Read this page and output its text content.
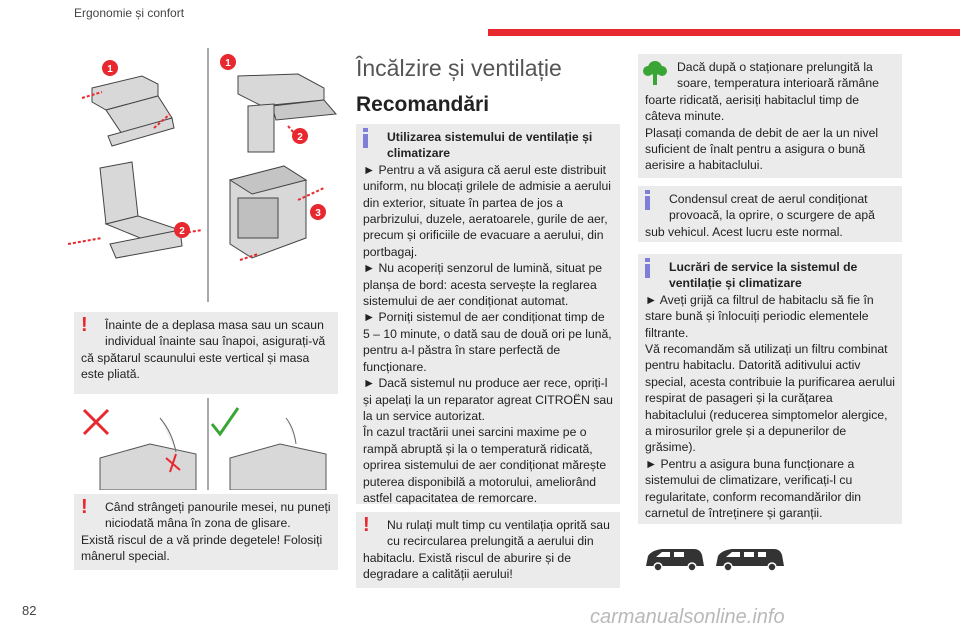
Ergonomie și confort
1
1
2
2
3
!	Înainte de a deplasa masa sau un scaun individual înainte sau înapoi, asigurați-vă
că spătarul scaunului este vertical și masa este pliată.
!	Când strângeți panourile mesei, nu puneți niciodată mâna în zona de glisare.
Există riscul de a vă prinde degetele! Folosiți mânerul special.
Încălzire și ventilație
Recomandări
Utilizarea sistemului de ventilație și climatizare

► Pentru a vă asigura că aerul este distribuit uniform, nu blocați grilele de admisie a aerului din exterior, situate în partea de jos a parbrizului, duzele, aeratoarele, gurile de aer, precum și orificiile de evacuare a aerului, din portbagaj.

► Nu acoperiți senzorul de lumină, situat pe planșa de bord: acesta servește la reglarea sistemului de aer condiționat automat.

► Porniți sistemul de aer condiționat timp de 5 – 10 minute, o dată sau de două ori pe lună, pentru a-l păstra în stare perfectă de funcționare.

► Dacă sistemul nu produce aer rece, opriți-l și apelați la un reparator agreat CITROËN sau la un service autorizat.

În cazul tractării unei sarcini maxime pe o rampă abruptă și la o temperatură ridicată, oprirea sistemului de aer condiționat mărește puterea disponibilă a motorului, ameliorând astfel capacitatea de remorcare.

!	Nu rulați mult timp cu ventilația oprită sau cu recircularea prelungită a aerului din
habitaclu. Există riscul de aburire și de degradare a calității aerului!
Dacă după o staționare prelungită la soare, temperatura interioară rămâne
foarte ridicată, aerisiți habitaclul timp de câteva minute.
Plasați comanda de debit de aer la un nivel suficient de înalt pentru a asigura o bună aerisire a habitaclului.
Condensul creat de aerul condiționat provoacă, la oprire, o scurgere de apă
sub vehicul. Acest lucru este normal.
Lucrări de service la sistemul de ventilație și climatizare

► Aveți grijă ca filtrul de habitaclu să fie în stare bună și înlocuiți periodic elementele filtrante.

Vă recomandăm să utilizați un filtru combinat pentru habitaclu. Datorită aditivului activ special, acesta contribuie la purificarea aerului respirat de pasageri și la curățarea habitaclului (reducerea simptomelor alergice, a mirosurilor grele și a depunerilor de grăsime).

► Pentru a asigura buna funcționare a sistemului de climatizare, verificați-l cu regularitate, conform recomandărilor din carnetul de întreținere și garanții.

82	carmanualsonline.info
